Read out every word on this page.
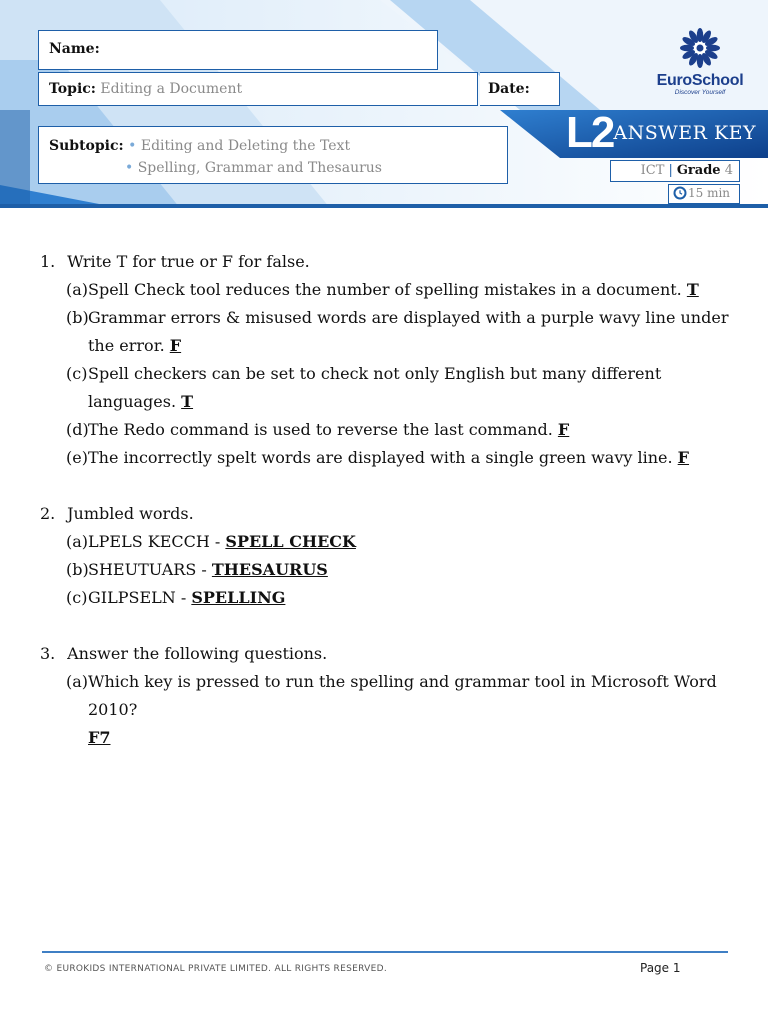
Name:
Topic: Editing a Document	Date:
Subtopic: • Editing and Deleting the Text
• Spelling, Grammar and Thesaurus
EuroSchool
Discover Yourself
L2ANSWER KEY
ICT | Grade 4
15 min
1. Write T for true or F for false.
(a) Spell Check tool reduces the number of spelling mistakes in a document. T
(b) Grammar errors & misused words are displayed with a purple wavy line under the error. F
(c) Spell checkers can be set to check not only English but many different languages. T
(d) The Redo command is used to reverse the last command. F
(e) The incorrectly spelt words are displayed with a single green wavy line. F
2. Jumbled words.
(a) LPELS KECCH - SPELL CHECK
(b) SHEUTUARS - THESAURUS
(c) GILPSELN - SPELLING
3. Answer the following questions.
(a) Which key is pressed to run the spelling and grammar tool in Microsoft Word 2010?
F7
© EUROKIDS INTERNATIONAL PRIVATE LIMITED. ALL RIGHTS RESERVED.	Page 1
